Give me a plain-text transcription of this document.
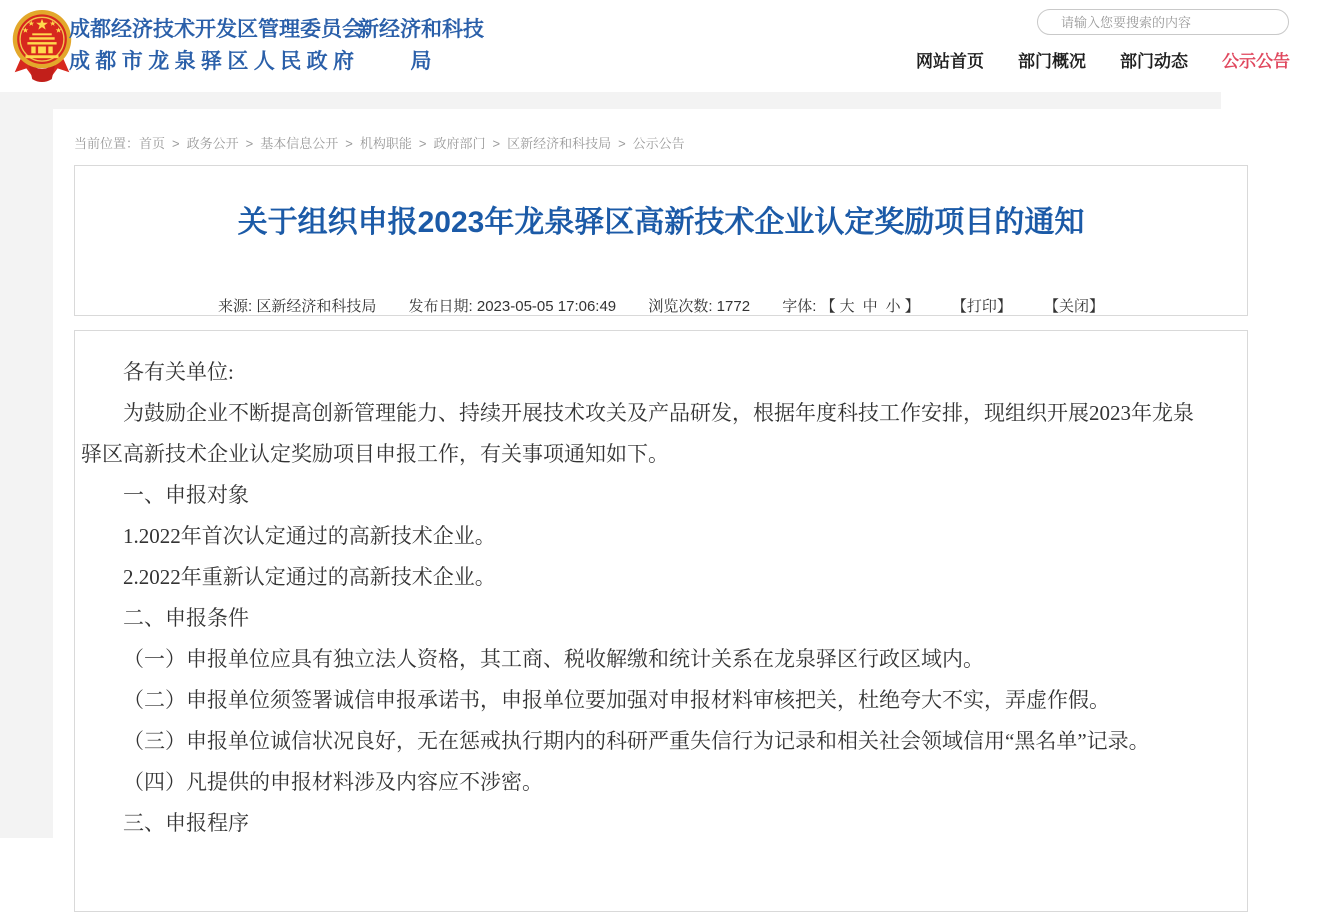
成都经济技术开发区管理委员会
成都市龙泉驿区人民政府
新经济和科技
局
请输入您要搜索的内容	网站首页 部门概况 部门动态 公示公告
当前位置：首页 > 政务公开 > 基本信息公开 > 机构职能 > 政府部门 > 区新经济和科技局 > 公示公告
关于组织申报2023年龙泉驿区高新技术企业认定奖励项目的通知
来源: 区新经济和科技局 发布日期: 2023-05-05 17:06:49 浏览次数: 1772 字体: 【 大 中 小 】 【打印】 【关闭】

各有关单位:

为鼓励企业不断提高创新管理能力、持续开展技术攻关及产品研发，根据年度科技工作安排，现组织开展2023年龙泉驿区高新技术企业认定奖励项目申报工作，有关事项通知如下。

一、申报对象

1.2022年首次认定通过的高新技术企业。

2.2022年重新认定通过的高新技术企业。

二、申报条件

（一）申报单位应具有独立法人资格，其工商、税收解缴和统计关系在龙泉驿区行政区域内。

（二）申报单位须签署诚信申报承诺书，申报单位要加强对申报材料审核把关，杜绝夸大不实，弄虚作假。

（三）申报单位诚信状况良好，无在惩戒执行期内的科研严重失信行为记录和相关社会领域信用“黑名单”记录。

（四）凡提供的申报材料涉及内容应不涉密。

三、申报程序
